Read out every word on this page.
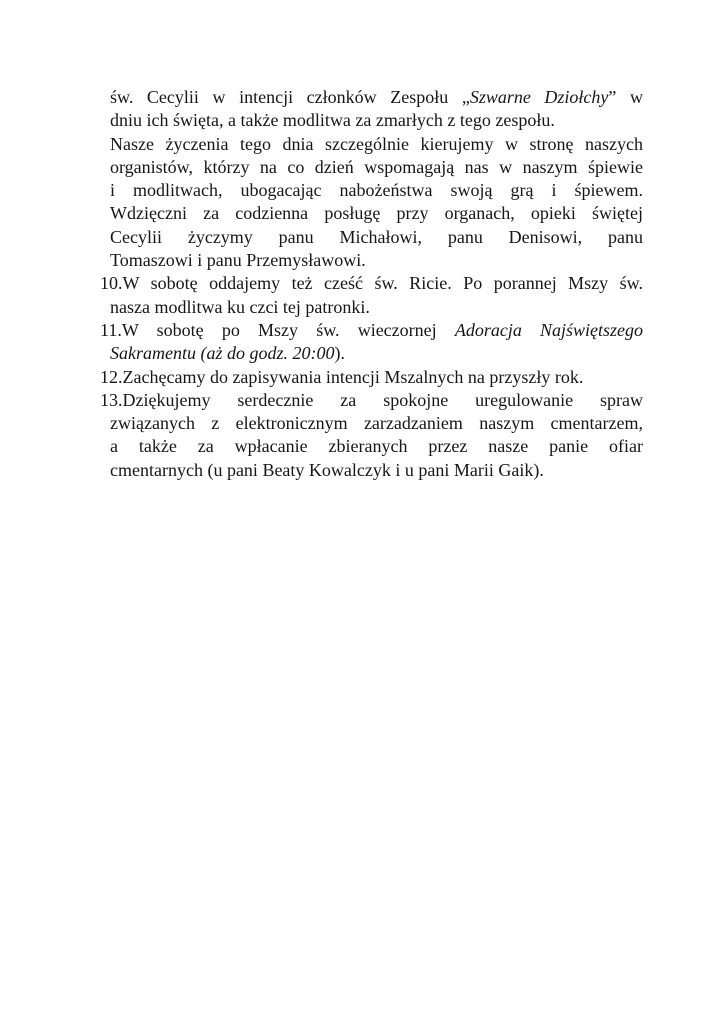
św. Cecylii w intencji członków Zespołu „Szwarne Dziołchy” w
dniu ich święta, a także modlitwa za zmarłych z tego zespołu.
Nasze życzenia tego dnia szczególnie kierujemy w stronę naszych
organistów, którzy na co dzień wspomagają nas w naszym śpiewie
i modlitwach, ubogacając nabożeństwa swoją grą i śpiewem.
Wdzięczni za codzienna posługę przy organach, opieki świętej
Cecylii życzymy panu Michałowi, panu Denisowi, panu
Tomaszowi i panu Przemysławowi.
10.W sobotę oddajemy też cześć św. Ricie. Po porannej Mszy św.
nasza modlitwa ku czci tej patronki.
11.W sobotę po Mszy św. wieczornej Adoracja Najświętszego
Sakramentu (aż do godz. 20:00).
12.Zachęcamy do zapisywania intencji Mszalnych na przyszły rok.
13.Dziękujemy serdecznie za spokojne uregulowanie spraw
związanych z elektronicznym zarzadzaniem naszym cmentarzem,
a także za wpłacanie zbieranych przez nasze panie ofiar
cmentarnych (u pani Beaty Kowalczyk i u pani Marii Gaik).
